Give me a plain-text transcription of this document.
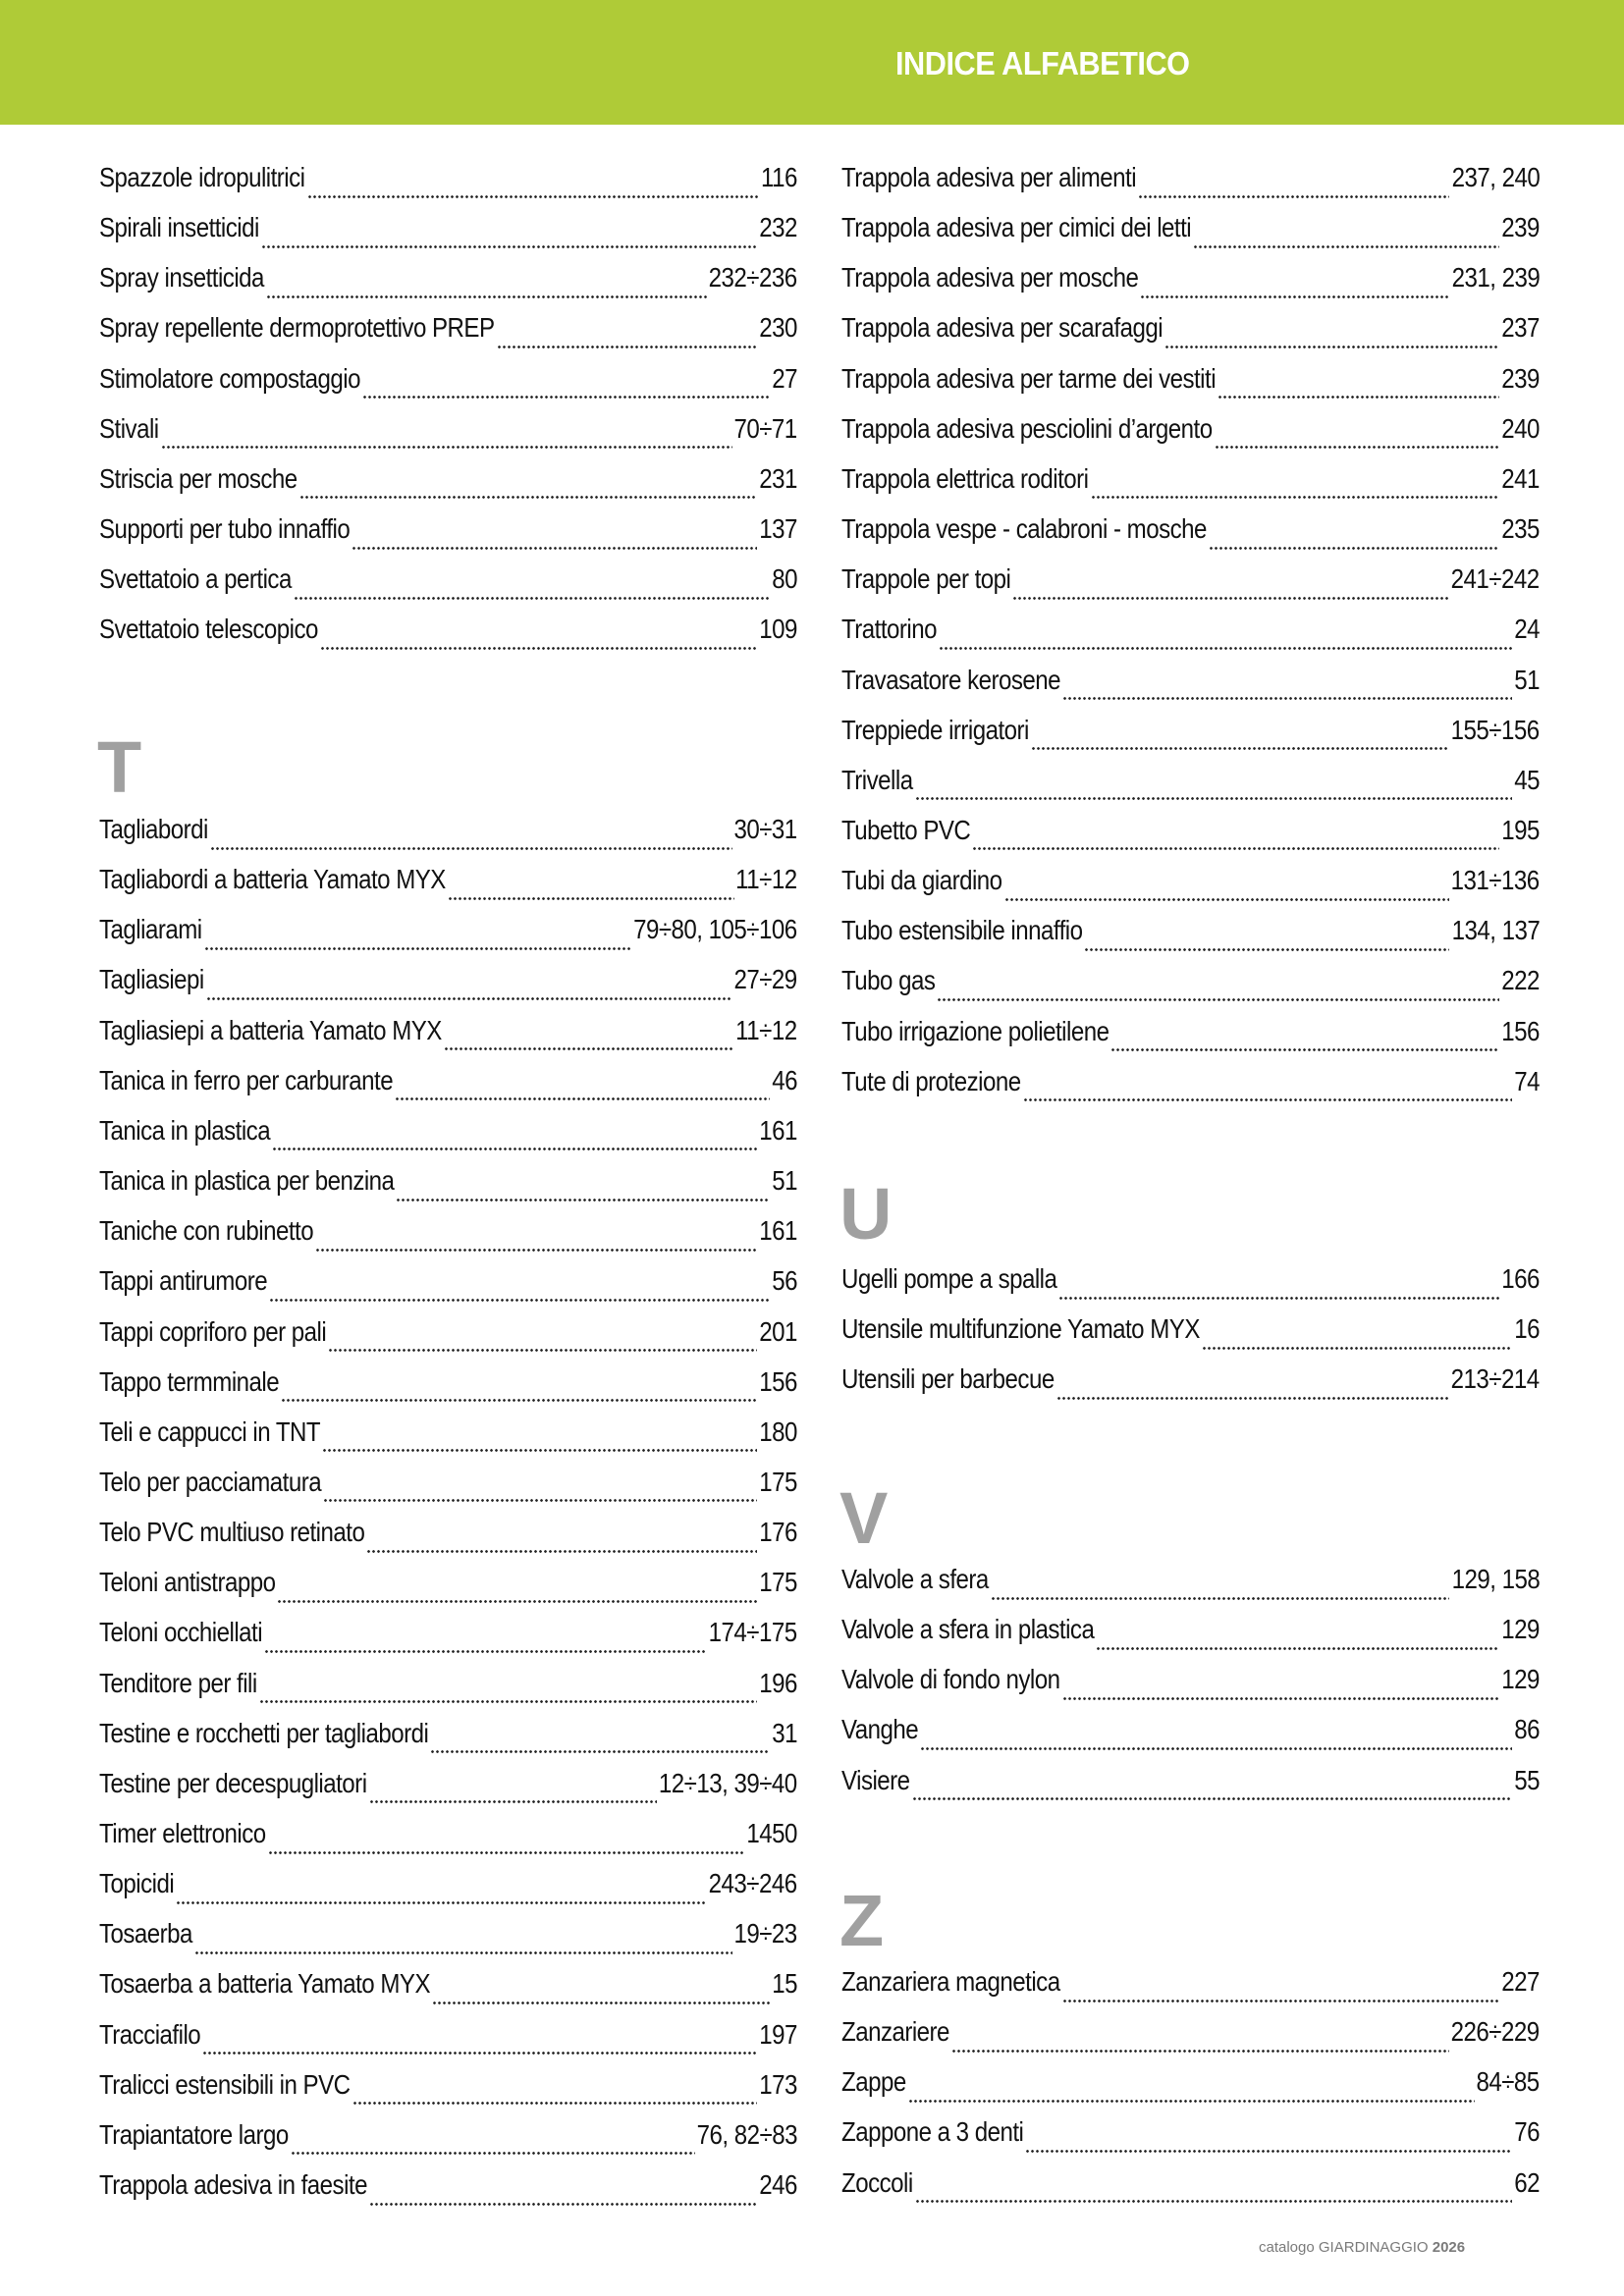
INDICE ALFABETICO
Spazzole idropulitrici	116
Spirali insetticidi	232
Spray insetticida	232÷236
Spray repellente dermoprotettivo PREP	230
Stimolatore compostaggio	27
Stivali	70÷71
Striscia per mosche	231
Supporti per tubo innaffio	137
Svettatoio a pertica	80
Svettatoio telescopico	109
T
Tagliabordi	30÷31
Tagliabordi a batteria Yamato MYX	11÷12
Tagliarami	79÷80, 105÷106
Tagliasiepi	27÷29
Tagliasiepi a batteria Yamato MYX	11÷12
Tanica in ferro per carburante	46
Tanica in plastica	161
Tanica in plastica per benzina	51
Taniche con rubinetto	161
Tappi antirumore	56
Tappi copriforo per pali	201
Tappo termminale	156
Teli e cappucci in TNT	180
Telo per pacciamatura	175
Telo PVC multiuso retinato	176
Teloni antistrappo	175
Teloni occhiellati	174÷175
Tenditore per fili	196
Testine e rocchetti per tagliabordi	31
Testine per decespugliatori	12÷13, 39÷40
Timer elettronico	1450
Topicidi	243÷246
Tosaerba	19÷23
Tosaerba a batteria Yamato MYX	15
Tracciafilo	197
Tralicci estensibili in PVC	173
Trapiantatore largo	76, 82÷83
Trappola adesiva in faesite	246
Trappola adesiva per alimenti	237, 240
Trappola adesiva per cimici dei letti	239
Trappola adesiva per mosche	231, 239
Trappola adesiva per scarafaggi	237
Trappola adesiva per tarme dei vestiti	239
Trappola adesiva pesciolini d’argento	240
Trappola elettrica roditori	241
Trappola vespe - calabroni - mosche	235
Trappole per topi	241÷242
Trattorino	24
Travasatore kerosene	51
Treppiede irrigatori	155÷156
Trivella	45
Tubetto PVC	195
Tubi da giardino	131÷136
Tubo estensibile innaffio	134, 137
Tubo gas	222
Tubo irrigazione polietilene	156
Tute di protezione	74
U
Ugelli pompe a spalla	166
Utensile multifunzione Yamato MYX	16
Utensili per barbecue	213÷214
V
Valvole a sfera	129, 158
Valvole a sfera in plastica	129
Valvole di fondo nylon	129
Vanghe	86
Visiere	55
Z
Zanzariera magnetica	227
Zanzariere	226÷229
Zappe	84÷85
Zappone a 3 denti	76
Zoccoli	62
catalogo GIARDINAGGIO 2026
